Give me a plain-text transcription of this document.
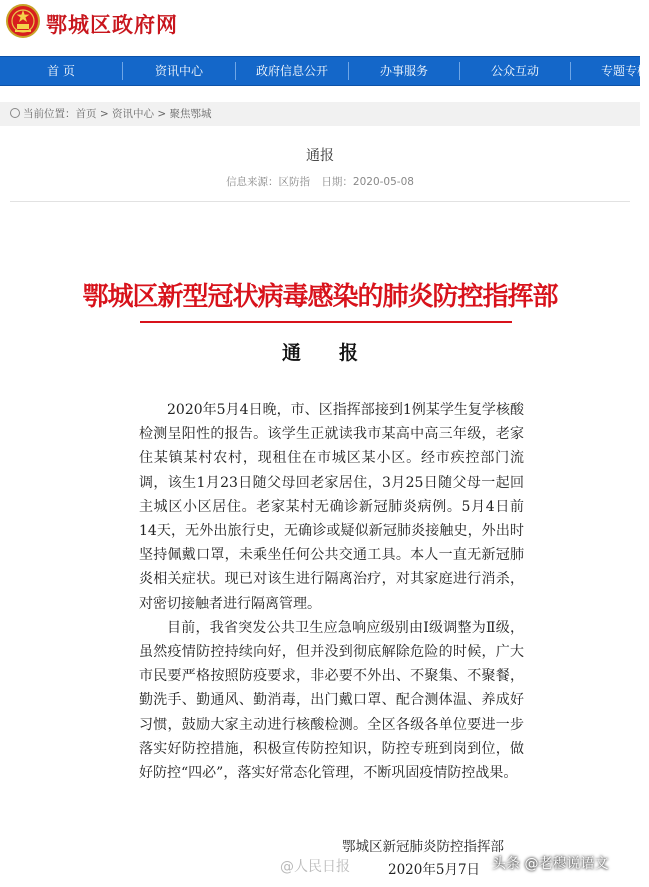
鄂城区政府网
首 页	资讯中心	政府信息公开	办事服务	公众互动	专题专栏
当前位置：首页 > 资讯中心 > 聚焦鄂城
通报
信息来源：区防指 日期：2020-05-08
鄂城区新型冠状病毒感染的肺炎防控指挥部
通报

2020年5月4日晚，市、区指挥部接到1例某学生复学核酸检测呈阳性的报告。该学生正就读我市某高中高三年级，老家住某镇某村农村，现租住在市城区某小区。经市疾控部门流调，该生1月23日随父母回老家居住，3月25日随父母一起回主城区小区居住。老家某村无确诊新冠肺炎病例。5月4日前14天，无外出旅行史，无确诊或疑似新冠肺炎接触史，外出时坚持佩戴口罩，未乘坐任何公共交通工具。本人一直无新冠肺炎相关症状。现已对该生进行隔离治疗，对其家庭进行消杀，对密切接触者进行隔离管理。

目前，我省突发公共卫生应急响应级别由Ⅰ级调整为Ⅱ级，虽然疫情防控持续向好，但并没到彻底解除危险的时候，广大市民要严格按照防疫要求，非必要不外出、不聚集、不聚餐，勤洗手、勤通风、勤消毒，出门戴口罩、配合测体温、养成好习惯，鼓励大家主动进行核酸检测。全区各级各单位要进一步落实好防控措施，积极宣传防控知识，防控专班到岗到位，做好防控“四必”，落实好常态化管理，不断巩固疫情防控战果。

鄂城区新冠肺炎防控指挥部
2020年5月7日
@人民日报	头条 @老穆说语文
